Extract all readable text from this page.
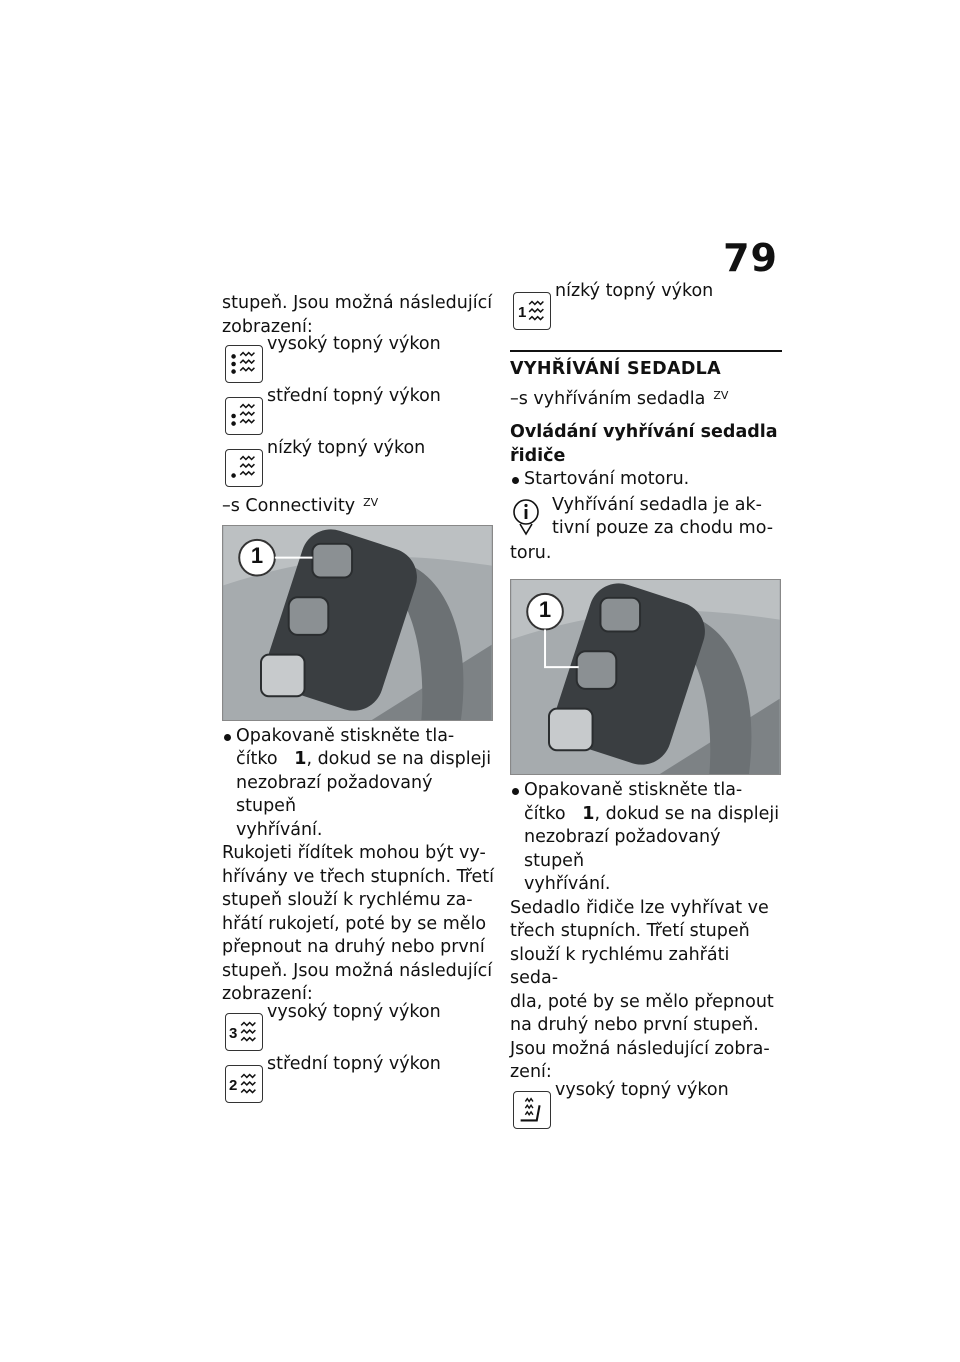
79

stupeň. Jsou možná následující

zobrazení:

vysoký topný výkon
střední topný výkon
nízký topný výkon

–s Connectivity $^{ZV}$

1

Opakovaně stiskněte tla-

čítko 1, dokud se na displeji

nezobrazí požadovaný stupeň

vyhřívání.

Rukojeti řídítek mohou být vy-

hřívány ve třech stupních. Třetí

stupeň slouží k rychlému za-

hřátí rukojetí, poté by se mělo

přepnout na druhý nebo první

stupeň. Jsou možná následující

zobrazení:

3
vysoký topný výkon
2
střední topný výkon
1
nízký topný výkon
VYHŘÍVÁNÍ SEDADLA

–s vyhříváním sedadla $^{ZV}$

Ovládání vyhřívání sedadla

řidiče

Startování motoru.

Vyhřívání sedadla je ak-
tivní pouze za chodu mo-

toru.

1

Opakovaně stiskněte tla-

čítko 1, dokud se na displeji

nezobrazí požadovaný stupeň

vyhřívání.

Sedadlo řidiče lze vyhřívat ve

třech stupních. Třetí stupeň

slouží k rychlému zahřáti seda-

dla, poté by se mělo přepnout

na druhý nebo první stupeň.

Jsou možná následující zobra-

zení:

vysoký topný výkon
